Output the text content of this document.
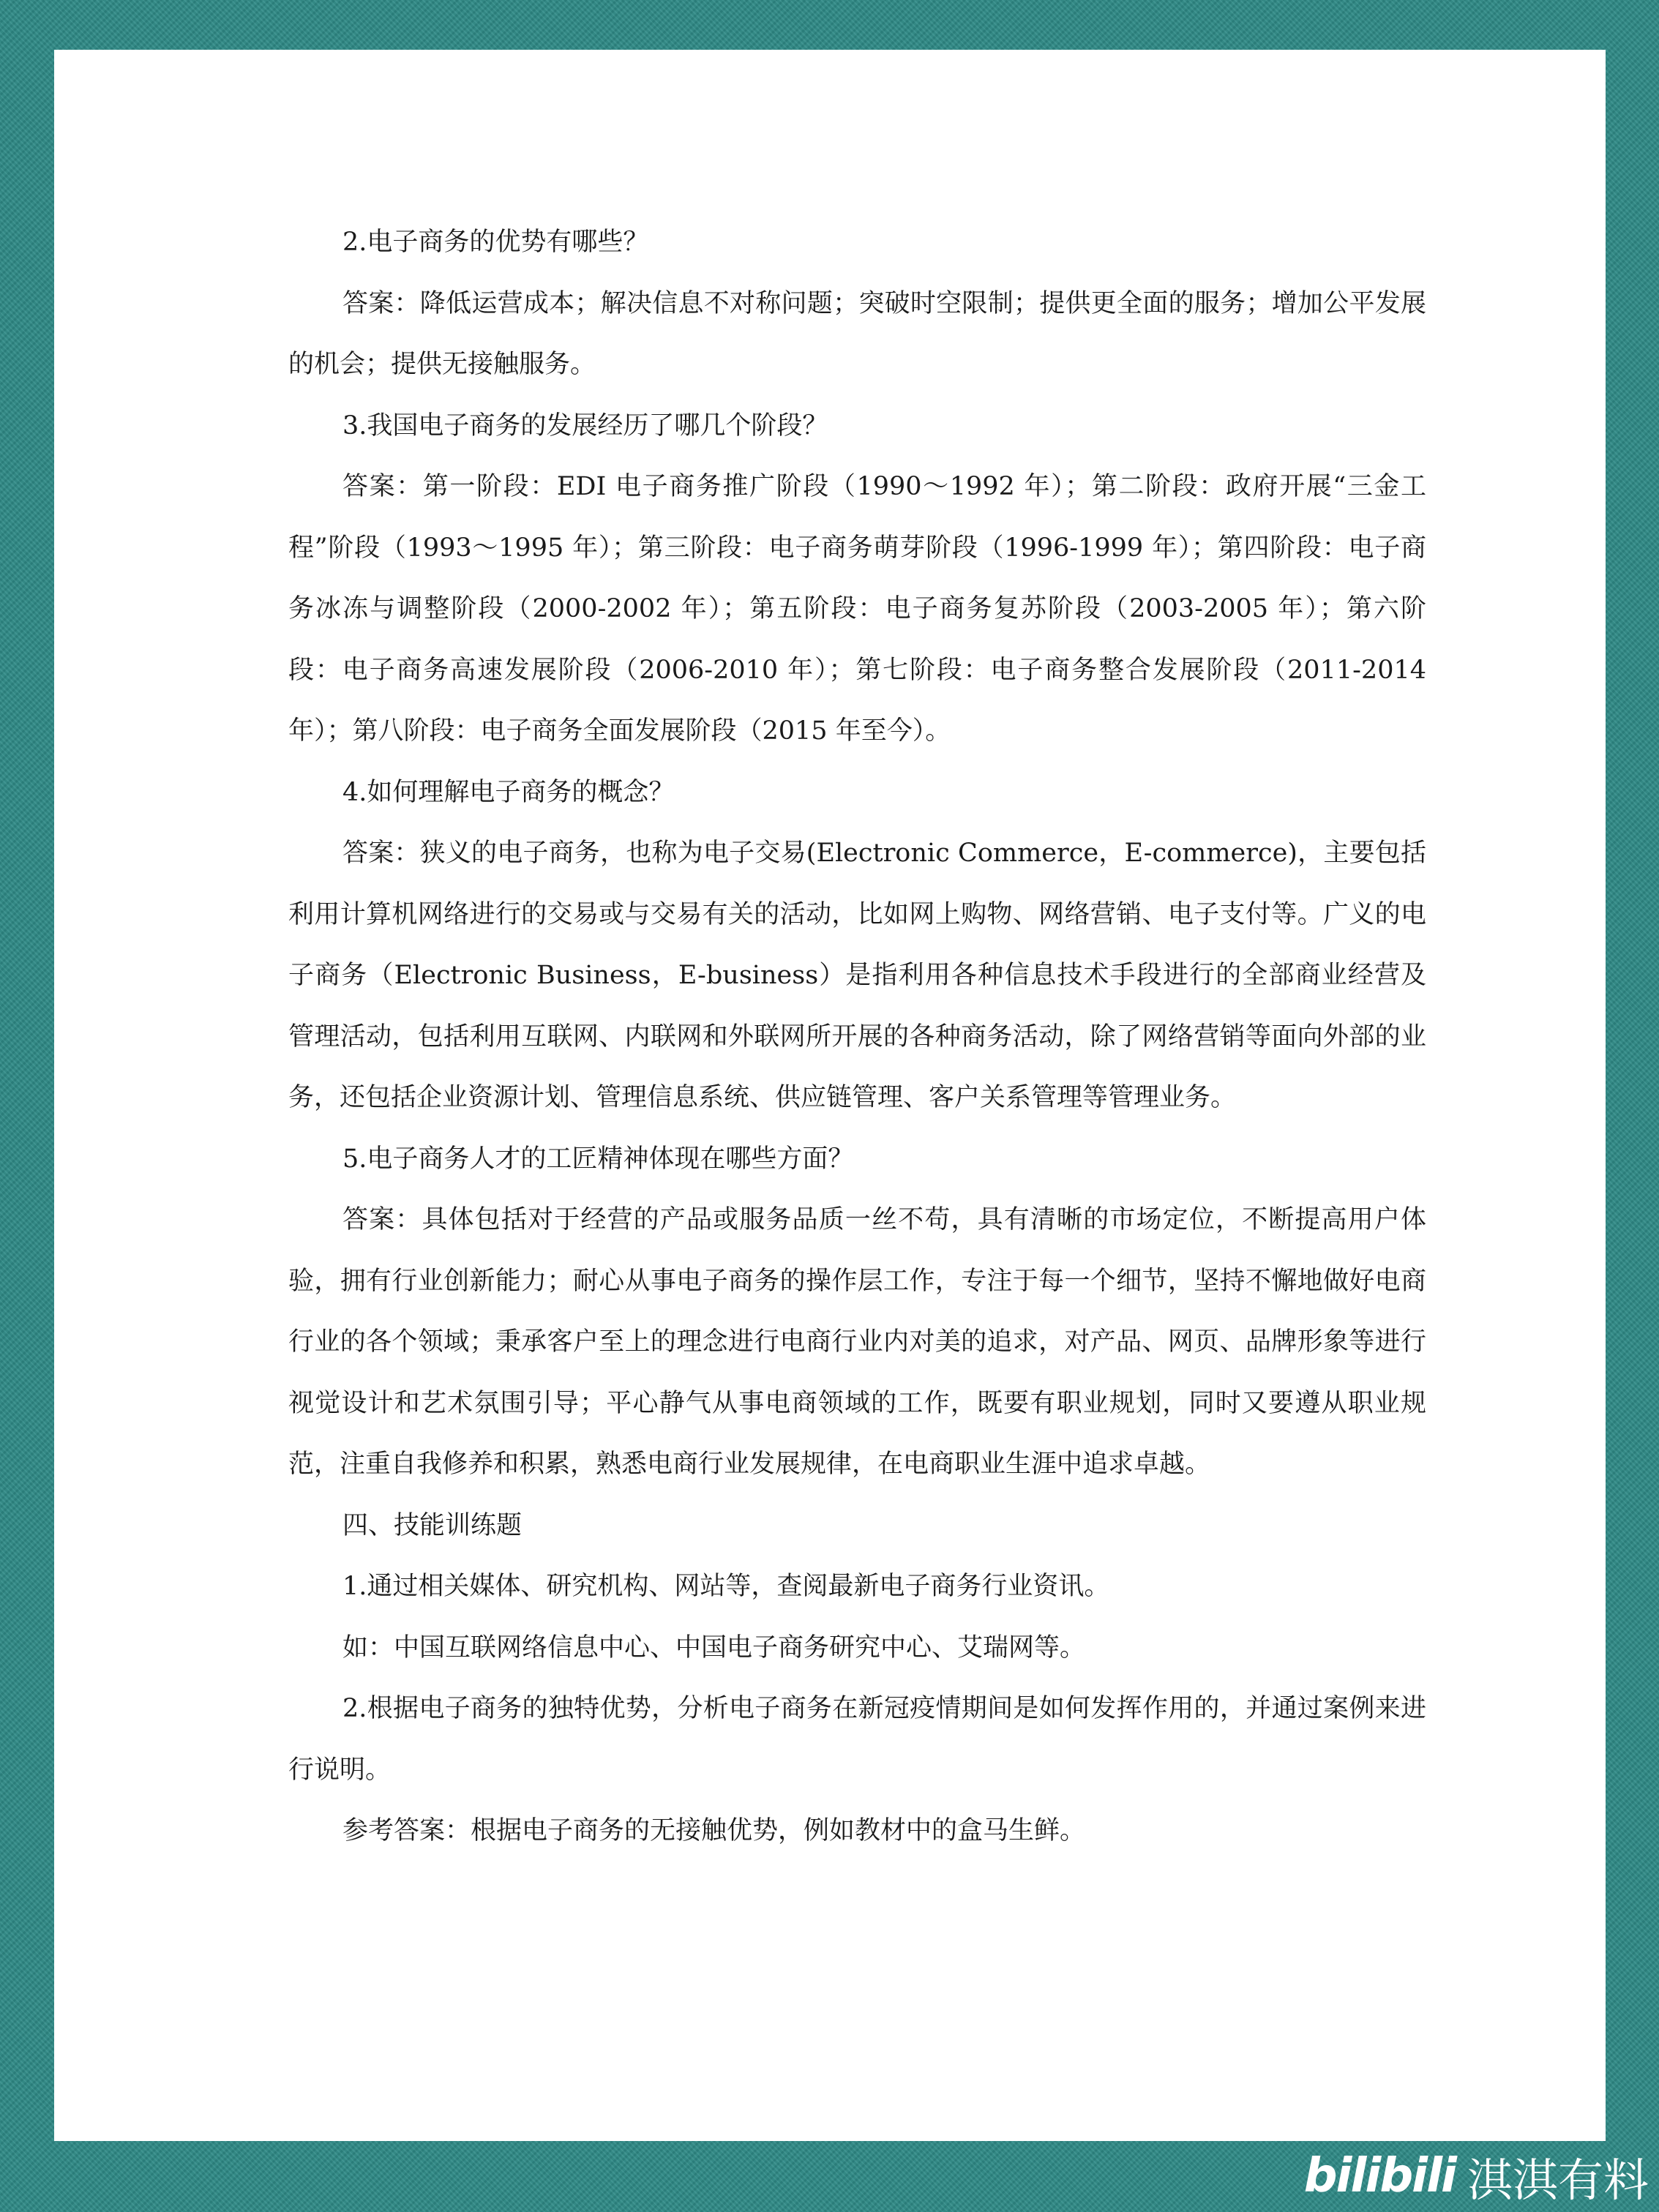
2.电子商务的优势有哪些？

答案：降低运营成本；解决信息不对称问题；突破时空限制；提供更全面的服务；增加公平发展的机会；提供无接触服务。

3.我国电子商务的发展经历了哪几个阶段？

答案：第一阶段：EDI 电子商务推广阶段（1990～1992 年）；第二阶段：政府开展“三金工程”阶段（1993～1995 年）；第三阶段：电子商务萌芽阶段（1996-1999 年）；第四阶段：电子商务冰冻与调整阶段（2000-2002 年）；第五阶段：电子商务复苏阶段（2003-2005 年）；第六阶段：电子商务高速发展阶段（2006-2010 年）；第七阶段：电子商务整合发展阶段（2011-2014 年）；第八阶段：电子商务全面发展阶段（2015 年至今）。

4.如何理解电子商务的概念？

答案：狭义的电子商务，也称为电子交易(Electronic Commerce，E-commerce)，主要包括利用计算机网络进行的交易或与交易有关的活动，比如网上购物、网络营销、电子支付等。广义的电子商务（Electronic Business，E-business）是指利用各种信息技术手段进行的全部商业经营及管理活动，包括利用互联网、内联网和外联网所开展的各种商务活动，除了网络营销等面向外部的业务，还包括企业资源计划、管理信息系统、供应链管理、客户关系管理等管理业务。

5.电子商务人才的工匠精神体现在哪些方面？

答案：具体包括对于经营的产品或服务品质一丝不苟，具有清晰的市场定位，不断提高用户体验，拥有行业创新能力；耐心从事电子商务的操作层工作，专注于每一个细节，坚持不懈地做好电商行业的各个领域；秉承客户至上的理念进行电商行业内对美的追求，对产品、网页、品牌形象等进行视觉设计和艺术氛围引导；平心静气从事电商领域的工作，既要有职业规划，同时又要遵从职业规范，注重自我修养和积累，熟悉电商行业发展规律，在电商职业生涯中追求卓越。

四、技能训练题

1.通过相关媒体、研究机构、网站等，查阅最新电子商务行业资讯。

如：中国互联网络信息中心、中国电子商务研究中心、艾瑞网等。

2.根据电子商务的独特优势，分析电子商务在新冠疫情期间是如何发挥作用的，并通过案例来进行说明。

参考答案：根据电子商务的无接触优势，例如教材中的盒马生鲜。

bilibili 淇淇有料
